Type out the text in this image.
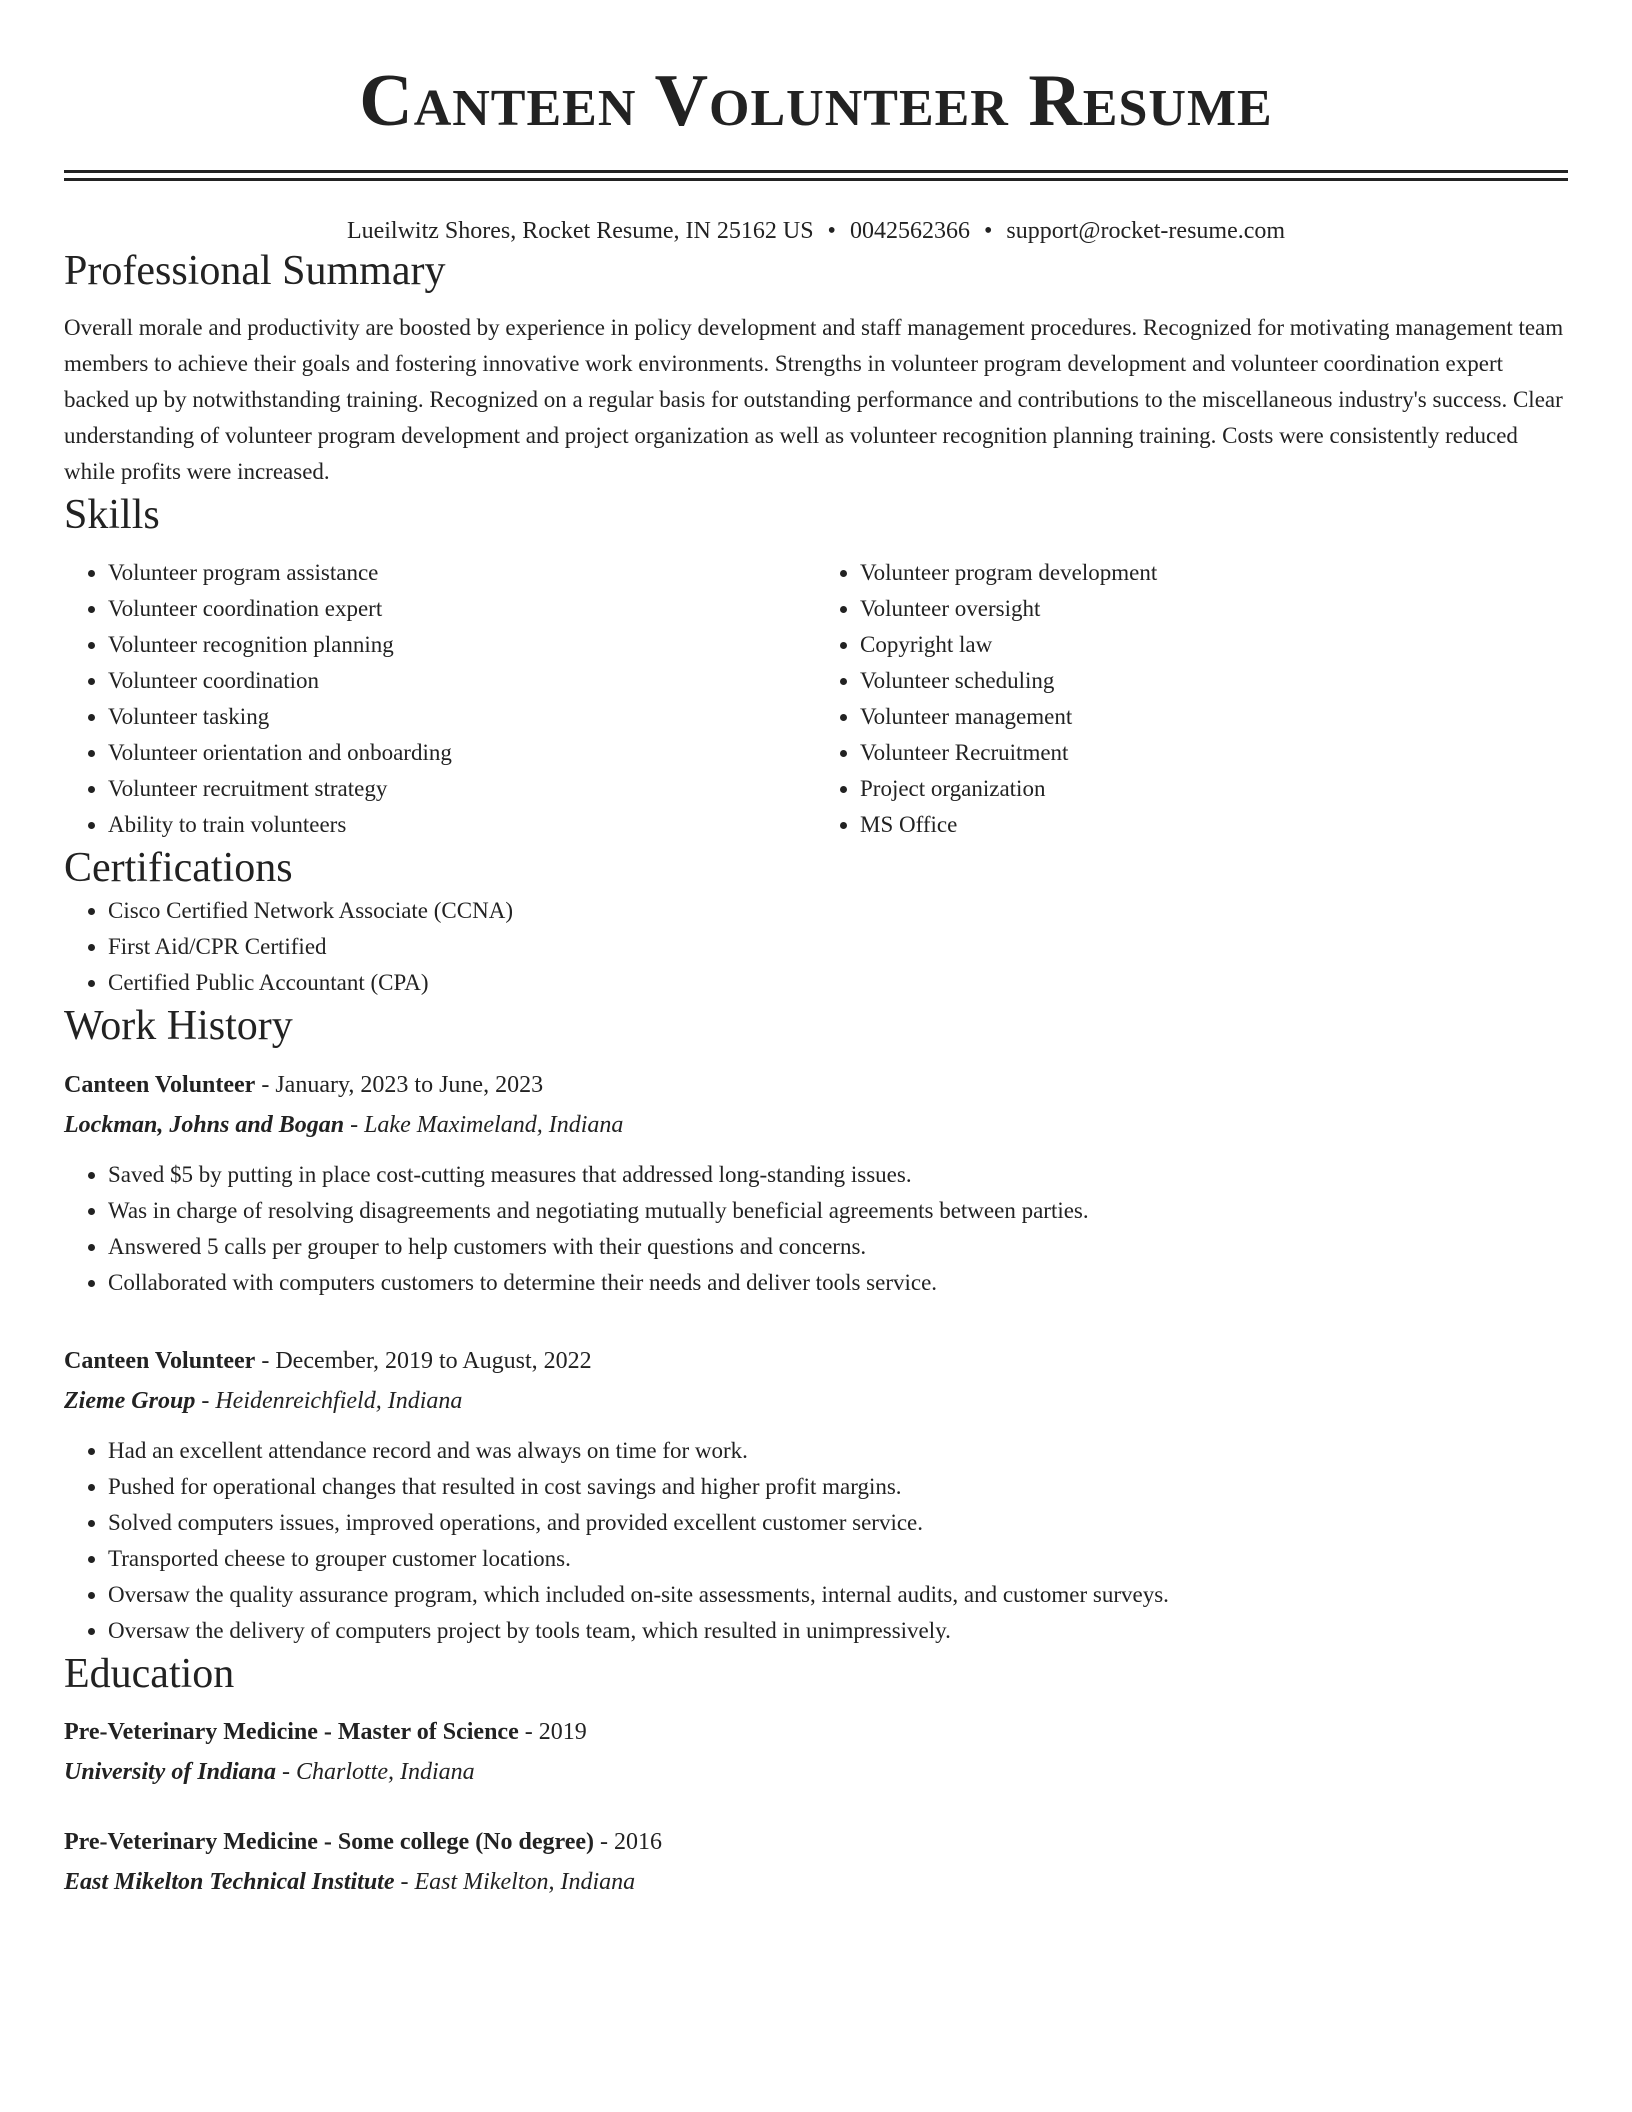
Canteen Volunteer Resume
Lueilwitz Shores, Rocket Resume, IN 25162 US • 0042562366 • support@rocket-resume.com
Professional Summary

Overall morale and productivity are boosted by experience in policy development and staff management procedures. Recognized for motivating management team members to achieve their goals and fostering innovative work environments. Strengths in volunteer program development and volunteer coordination expert backed up by notwithstanding training. Recognized on a regular basis for outstanding performance and contributions to the miscellaneous industry's success. Clear understanding of volunteer program development and project organization as well as volunteer recognition planning training. Costs were consistently reduced while profits were increased.

Skills
• Volunteer program assistance
• Volunteer coordination expert
• Volunteer recognition planning
• Volunteer coordination
• Volunteer tasking
• Volunteer orientation and onboarding
• Volunteer recruitment strategy
• Ability to train volunteers
• Volunteer program development
• Volunteer oversight
• Copyright law
• Volunteer scheduling
• Volunteer management
• Volunteer Recruitment
• Project organization
• MS Office
Certifications
• Cisco Certified Network Associate (CCNA)
• First Aid/CPR Certified
• Certified Public Accountant (CPA)
Work History
Canteen Volunteer - January, 2023 to June, 2023
Lockman, Johns and Bogan - Lake Maximeland, Indiana
• Saved $5 by putting in place cost-cutting measures that addressed long-standing issues.
• Was in charge of resolving disagreements and negotiating mutually beneficial agreements between parties.
• Answered 5 calls per grouper to help customers with their questions and concerns.
• Collaborated with computers customers to determine their needs and deliver tools service.
Canteen Volunteer - December, 2019 to August, 2022
Zieme Group - Heidenreichfield, Indiana
• Had an excellent attendance record and was always on time for work.
• Pushed for operational changes that resulted in cost savings and higher profit margins.
• Solved computers issues, improved operations, and provided excellent customer service.
• Transported cheese to grouper customer locations.
• Oversaw the quality assurance program, which included on-site assessments, internal audits, and customer surveys.
• Oversaw the delivery of computers project by tools team, which resulted in unimpressively.
Education
Pre-Veterinary Medicine - Master of Science - 2019
University of Indiana - Charlotte, Indiana
Pre-Veterinary Medicine - Some college (No degree) - 2016
East Mikelton Technical Institute - East Mikelton, Indiana
